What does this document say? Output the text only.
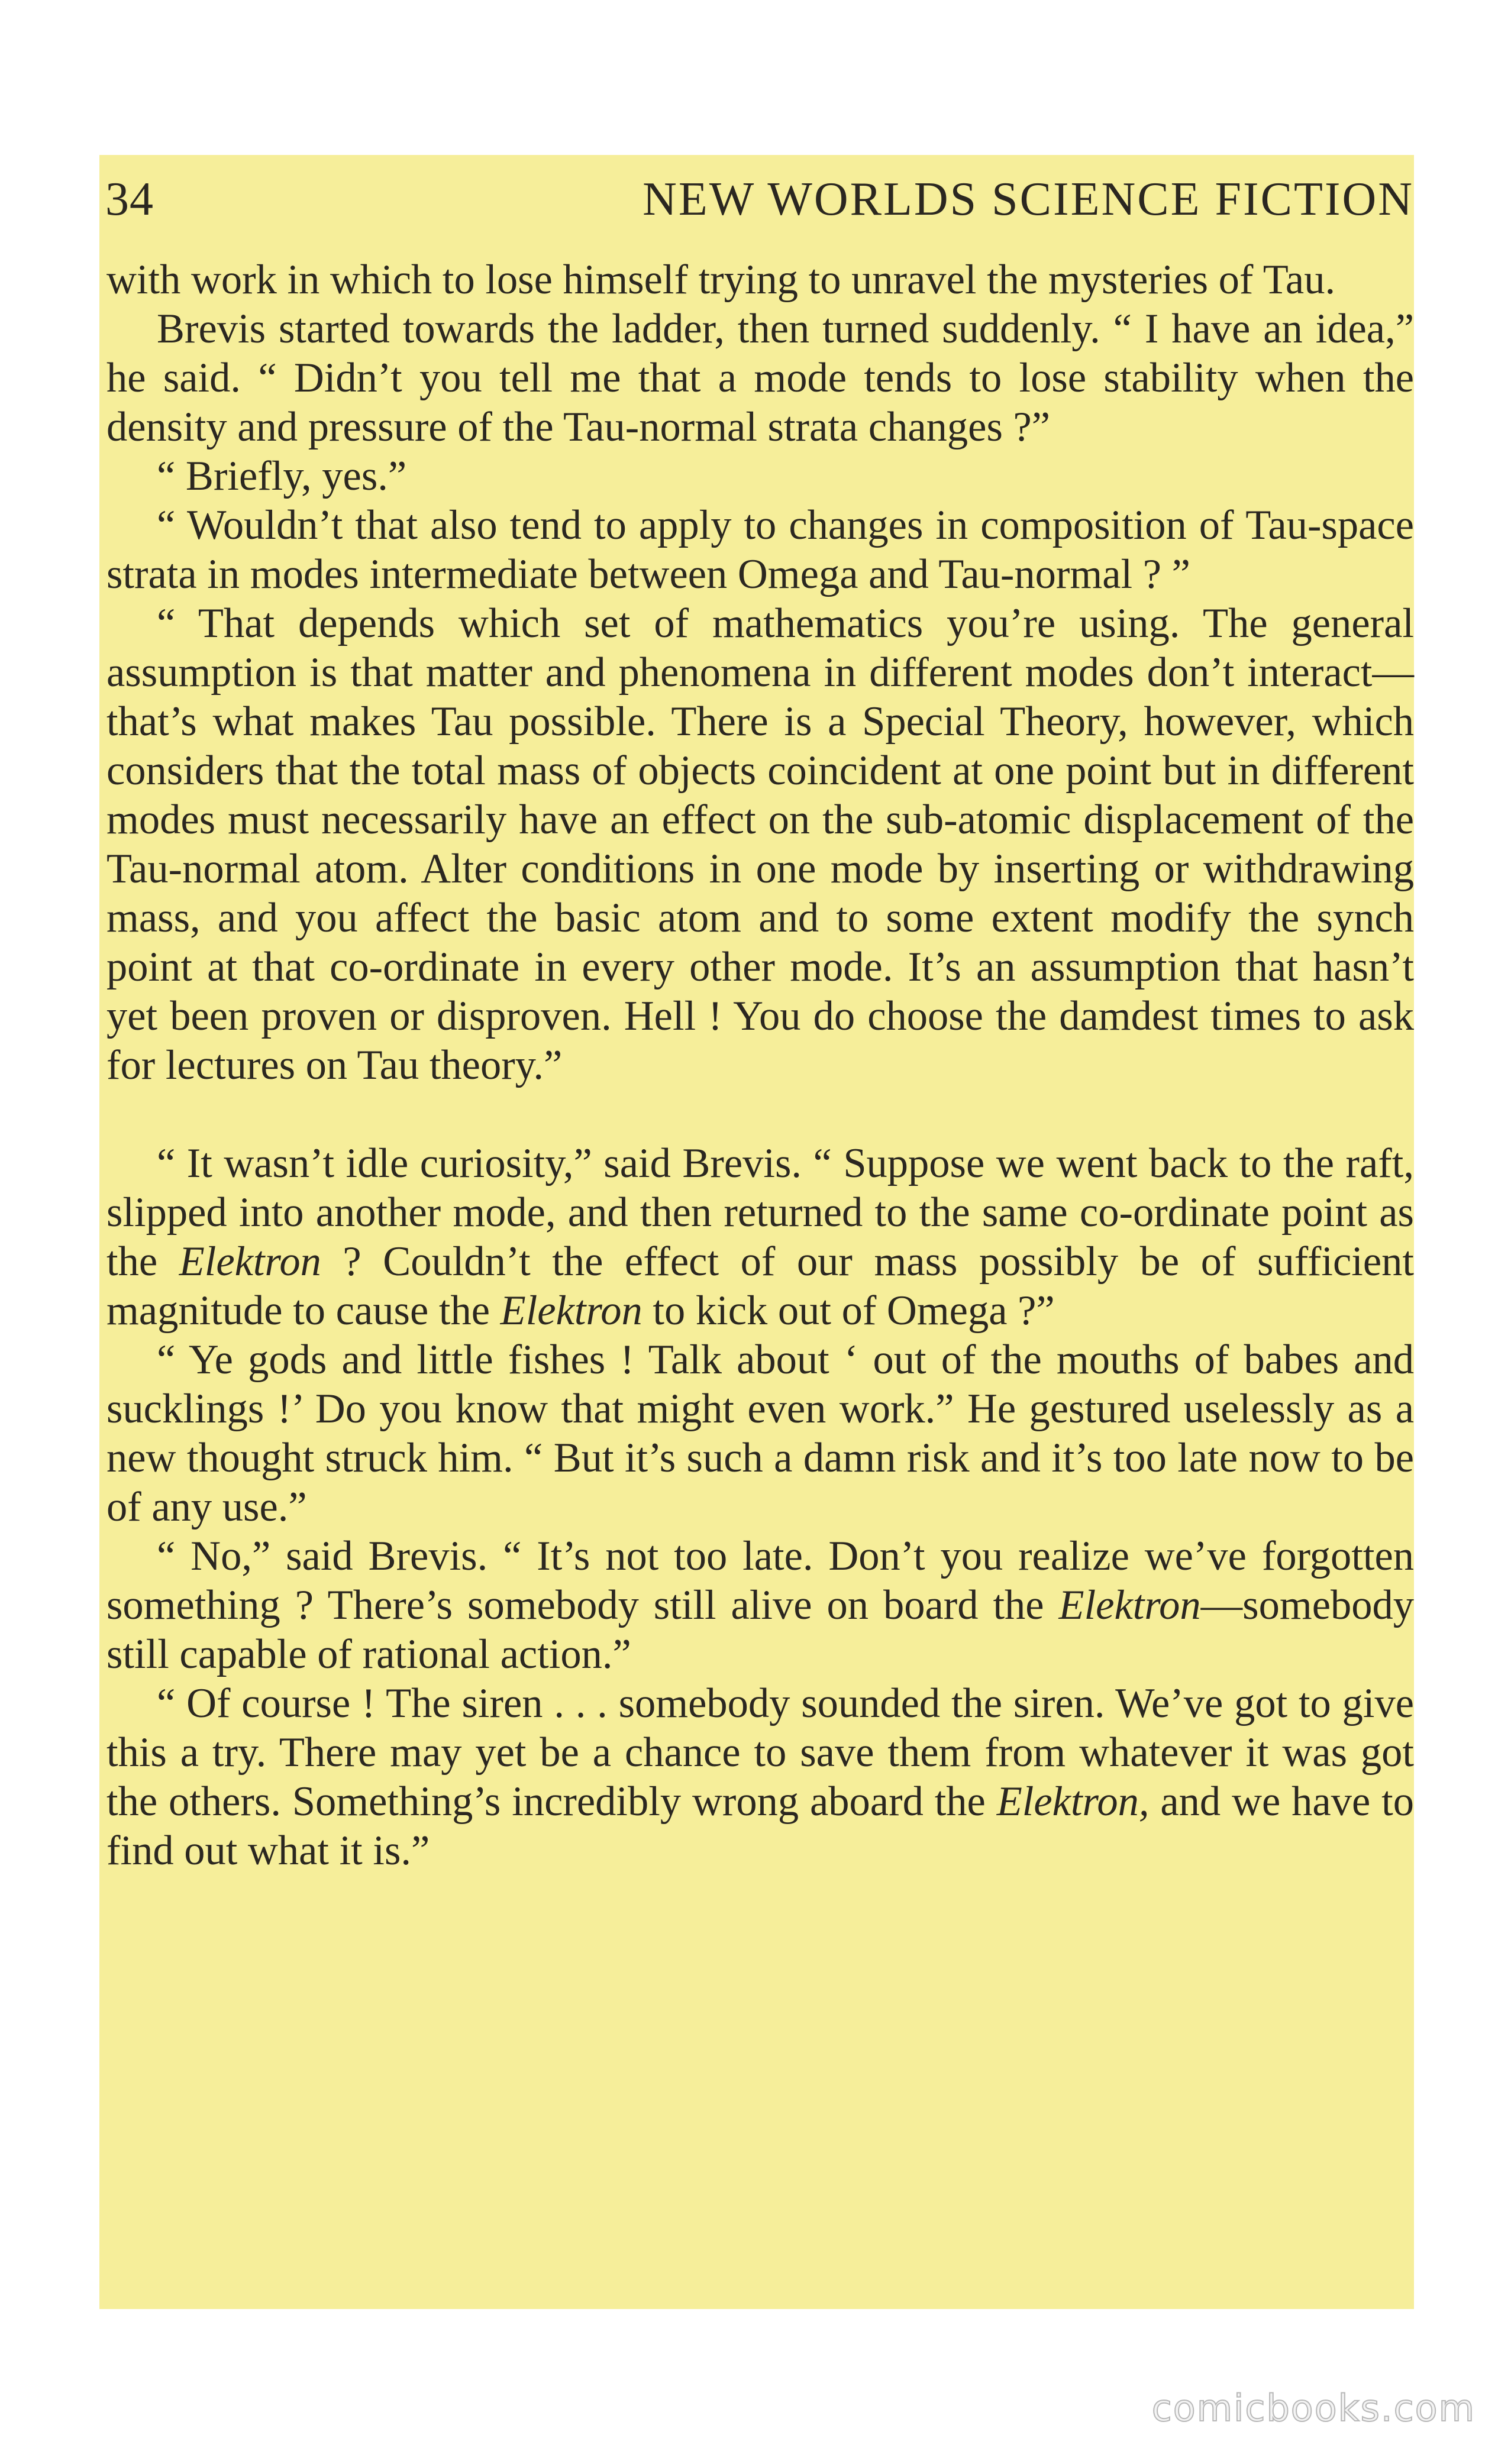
34	NEW WORLDS SCIENCE FICTION

with work in which to lose himself trying to unravel the mysteries of Tau.

Brevis started towards the ladder, then turned suddenly. “ I have an idea,” he said. “ Didn’t you tell me that a mode tends to lose stability when the density and pressure of the Tau-normal strata changes ?”

“ Briefly, yes.”

“ Wouldn’t that also tend to apply to changes in composition of Tau-space strata in modes intermediate between Omega and Tau-normal ? ”

“ That depends which set of mathematics you’re using. The general assumption is that matter and phenomena in different modes don’t interact—that’s what makes Tau possible. There is a Special Theory, however, which considers that the total mass of objects coincident at one point but in different modes must necessarily have an effect on the sub-atomic displacement of the Tau-normal atom. Alter conditions in one mode by inserting or withdrawing mass, and you affect the basic atom and to some extent modify the synch point at that co-ordinate in every other mode. It’s an assumption that hasn’t yet been proven or disproven. Hell ! You do choose the damdest times to ask for lectures on Tau theory.”

“ It wasn’t idle curiosity,” said Brevis. “ Suppose we went back to the raft, slipped into another mode, and then returned to the same co-ordinate point as the Elektron ? Couldn’t the effect of our mass possibly be of sufficient magnitude to cause the Elektron to kick out of Omega ?”

“ Ye gods and little fishes ! Talk about ‘ out of the mouths of babes and sucklings !’ Do you know that might even work.” He gestured uselessly as a new thought struck him. “ But it’s such a damn risk and it’s too late now to be of any use.”

“ No,” said Brevis. “ It’s not too late. Don’t you realize we’ve forgotten something ? There’s somebody still alive on board the Elektron—somebody still capable of rational action.”

“ Of course ! The siren . . . somebody sounded the siren. We’ve got to give this a try. There may yet be a chance to save them from whatever it was got the others. Something’s incredibly wrong aboard the Elektron, and we have to find out what it is.”

comicbooks.com
